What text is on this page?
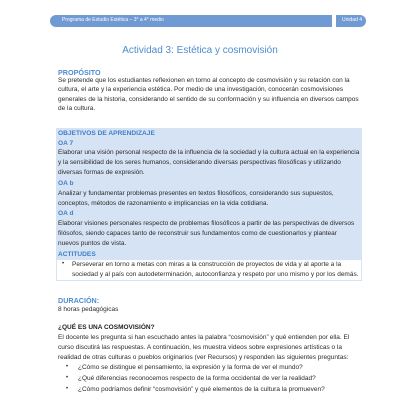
Programa de Estudio Estética – 3° a 4° medio	Unidad 4
Actividad 3: Estética y cosmovisión
PROPÓSITO
Se pretende que los estudiantes reflexionen en torno al concepto de cosmovisión y su relación con la
cultura, el arte y la experiencia estética. Por medio de una investigación, conocerán cosmovisiones
generales de la historia, considerando el sentido de su conformación y su influencia en diversos campos
de la cultura.
OBJETIVOS DE APRENDIZAJE
OA 7
Elaborar una visión personal respecto de la influencia de la sociedad y la cultura actual en la experiencia
y la sensibilidad de los seres humanos, considerando diversas perspectivas filosóficas y utilizando
diversas formas de expresión.
OA b
Analizar y fundamentar problemas presentes en textos filosóficos, considerando sus supuestos,
conceptos, métodos de razonamiento e implicancias en la vida cotidiana.
OA d
Elaborar visiones personales respecto de problemas filosóficos a partir de las perspectivas de diversos
filósofos, siendo capaces tanto de reconstruir sus fundamentos como de cuestionarlos y plantear
nuevos puntos de vista.
ACTITUDES
• Perseverar en torno a metas con miras a la construcción de proyectos de vida y al aporte a la
sociedad y al país con autodeterminación, autoconfianza y respeto por uno mismo y por los demás.
DURACIÓN:
8 horas pedagógicas
¿QUÉ ES UNA COSMOVISIÓN?
El docente les pregunta si han escuchado antes la palabra “cosmovisión” y qué entienden por ella. El
curso discutirá las respuestas. A continuación, les muestra videos sobre expresiones artísticas o la
realidad de otras culturas o pueblos originarios (ver Recursos) y responden las siguientes preguntas:
• ¿Cómo se distingue el pensamiento, la expresión y la forma de ver el mundo?
• ¿Qué diferencias reconocemos respecto de la forma occidental de ver la realidad?
• ¿Cómo podríamos definir “cosmovisión” y qué elementos de la cultura la promueven?
